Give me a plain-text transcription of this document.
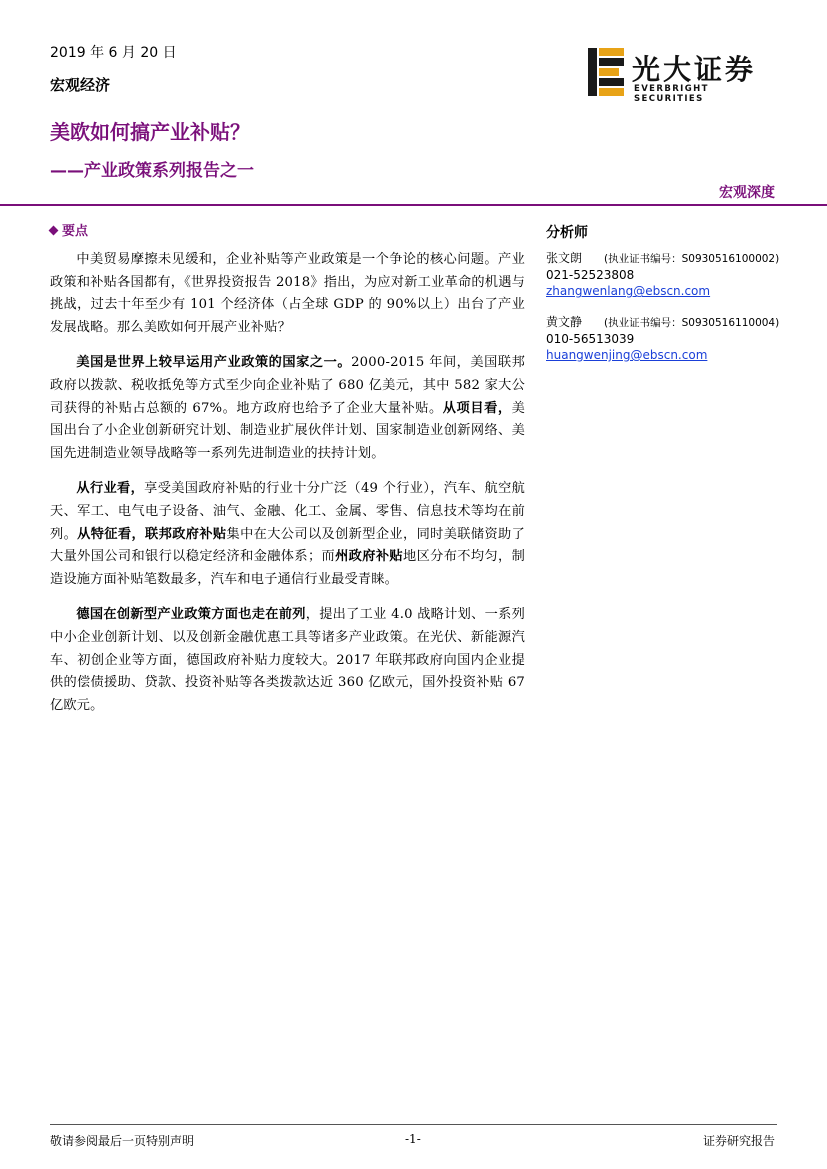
2019 年 6 月 20 日
宏观经济
美欧如何搞产业补贴？
——产业政策系列报告之一
宏观深度
光大证券
EVERBRIGHT SECURITIES
要点

中美贸易摩擦未见缓和，企业补贴等产业政策是一个争论的核心问题。产业政策和补贴各国都有，《世界投资报告 2018》指出，为应对新工业革命的机遇与挑战，过去十年至少有 101 个经济体（占全球 GDP 的 90%以上）出台了产业发展战略。那么美欧如何开展产业补贴？

美国是世界上较早运用产业政策的国家之一。2000-2015 年间，美国联邦政府以拨款、税收抵免等方式至少向企业补贴了 680 亿美元，其中 582 家大公司获得的补贴占总额的 67%。地方政府也给予了企业大量补贴。从项目看，美国出台了小企业创新研究计划、制造业扩展伙伴计划、国家制造业创新网络、美国先进制造业领导战略等一系列先进制造业的扶持计划。

从行业看，享受美国政府补贴的行业十分广泛（49 个行业），汽车、航空航天、军工、电气电子设备、油气、金融、化工、金属、零售、信息技术等均在前列。从特征看，联邦政府补贴集中在大公司以及创新型企业，同时美联储资助了大量外国公司和银行以稳定经济和金融体系；而州政府补贴地区分布不均匀，制造设施方面补贴笔数最多，汽车和电子通信行业最受青睐。

德国在创新型产业政策方面也走在前列，提出了工业 4.0 战略计划、一系列中小企业创新计划、以及创新金融优惠工具等诸多产业政策。在光伏、新能源汽车、初创企业等方面，德国政府补贴力度较大。2017 年联邦政府向国内企业提供的偿债援助、贷款、投资补贴等各类拨款达近 360 亿欧元，国外投资补贴 67 亿欧元。

分析师
张文朗 (执业证书编号：S0930516100002)
021-52523808
zhangwenlang@ebscn.com
黄文静 (执业证书编号：S0930516110004)
010-56513039
huangwenjing@ebscn.com
敬请参阅最后一页特别声明	-1-	证券研究报告
